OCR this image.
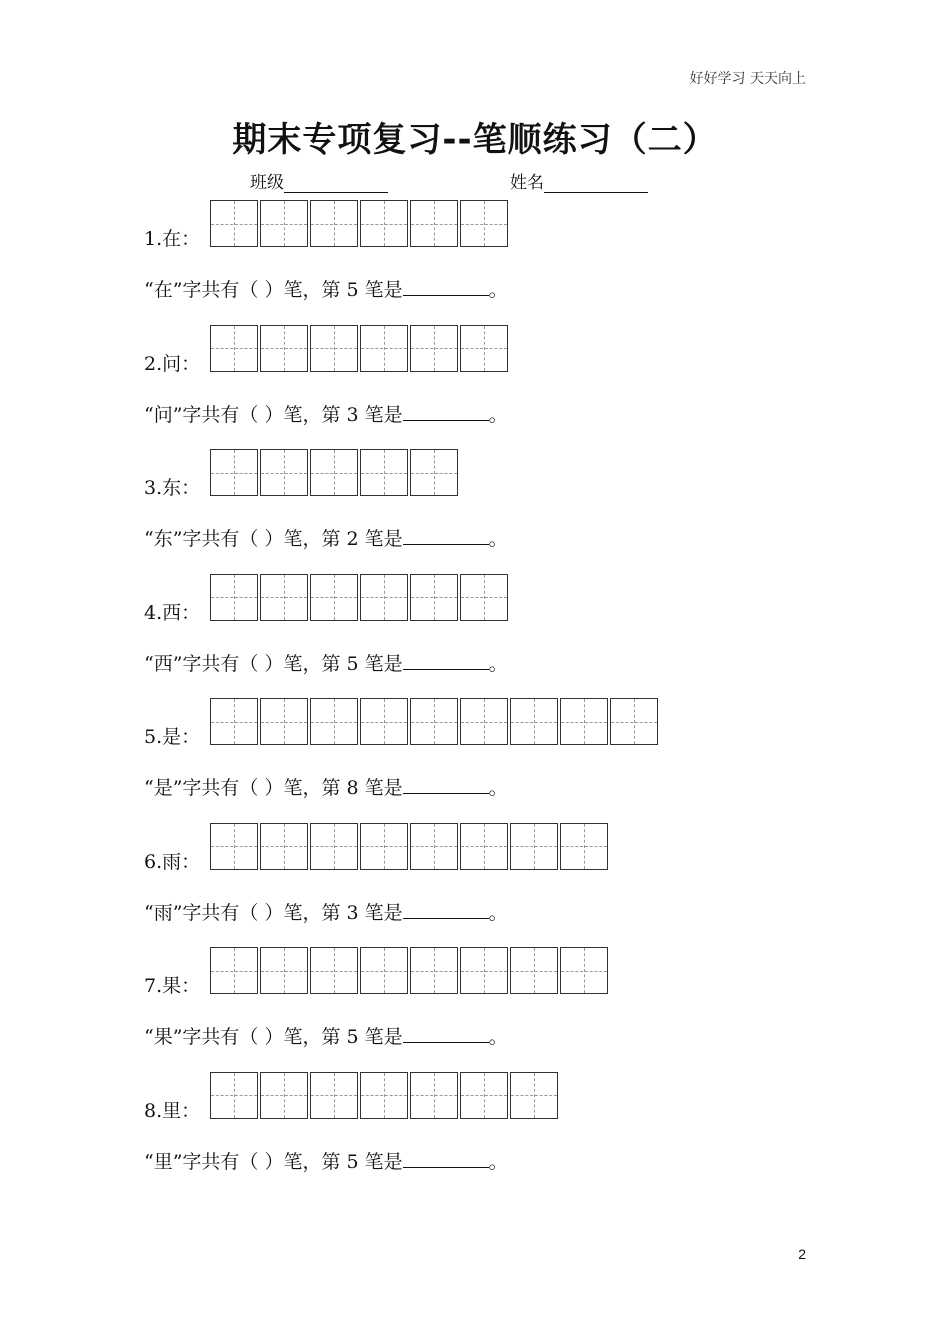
好好学习 天天向上
期末专项复习--笔顺练习（二）
班级	姓名
1.在：
“在”字共有（ ）笔，第 5 笔是	。
2.问：
“问”字共有（ ）笔，第 3 笔是	。
3.东：
“东”字共有（ ）笔，第 2 笔是	。
4.西：
“西”字共有（ ）笔，第 5 笔是	。
5.是：
“是”字共有（ ）笔，第 8 笔是	。
6.雨：
“雨”字共有（ ）笔，第 3 笔是	。
7.果：
“果”字共有（ ）笔，第 5 笔是	。
8.里：
“里”字共有（ ）笔，第 5 笔是	。
2
